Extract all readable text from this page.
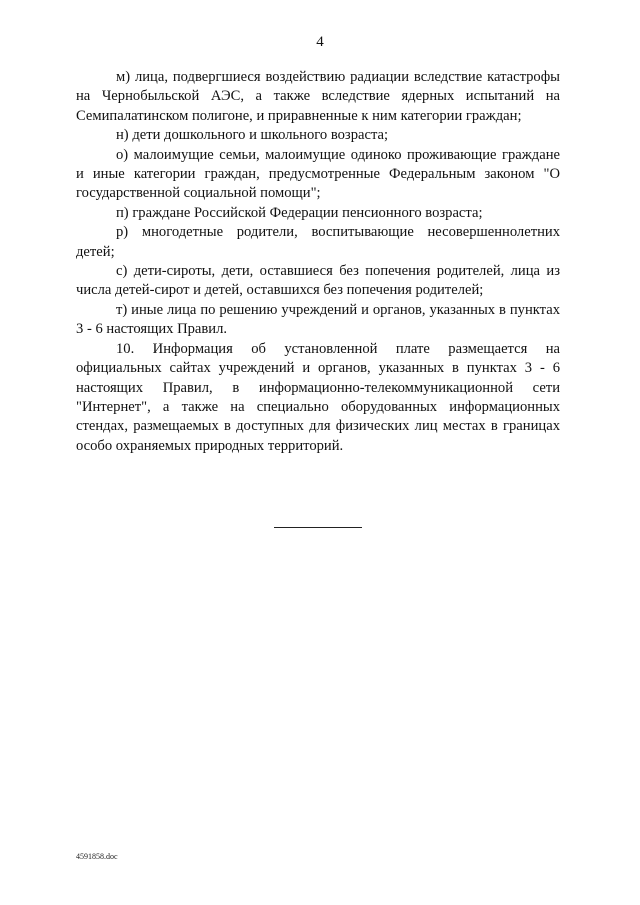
4

м) лица, подвергшиеся воздействию радиации вследствие катастрофы на Чернобыльской АЭС, а также вследствие ядерных испытаний на Семипалатинском полигоне, и приравненные к ним категории граждан;

н) дети дошкольного и школьного возраста;

о) малоимущие семьи, малоимущие одиноко проживающие граждане и иные категории граждан, предусмотренные Федеральным законом "О государственной социальной помощи";

п) граждане Российской Федерации пенсионного возраста;

р) многодетные родители, воспитывающие несовершеннолетних детей;

с) дети-сироты, дети, оставшиеся без попечения родителей, лица из числа детей-сирот и детей, оставшихся без попечения родителей;

т) иные лица по решению учреждений и органов, указанных в пунктах 3 - 6 настоящих Правил.

10. Информация об установленной плате размещается на официальных сайтах учреждений и органов, указанных в пунктах 3 - 6 настоящих Правил, в информационно-телекоммуникационной сети "Интернет", а также на специально оборудованных информационных стендах, размещаемых в доступных для физических лиц местах в границах особо охраняемых природных территорий.

4591858.doc
